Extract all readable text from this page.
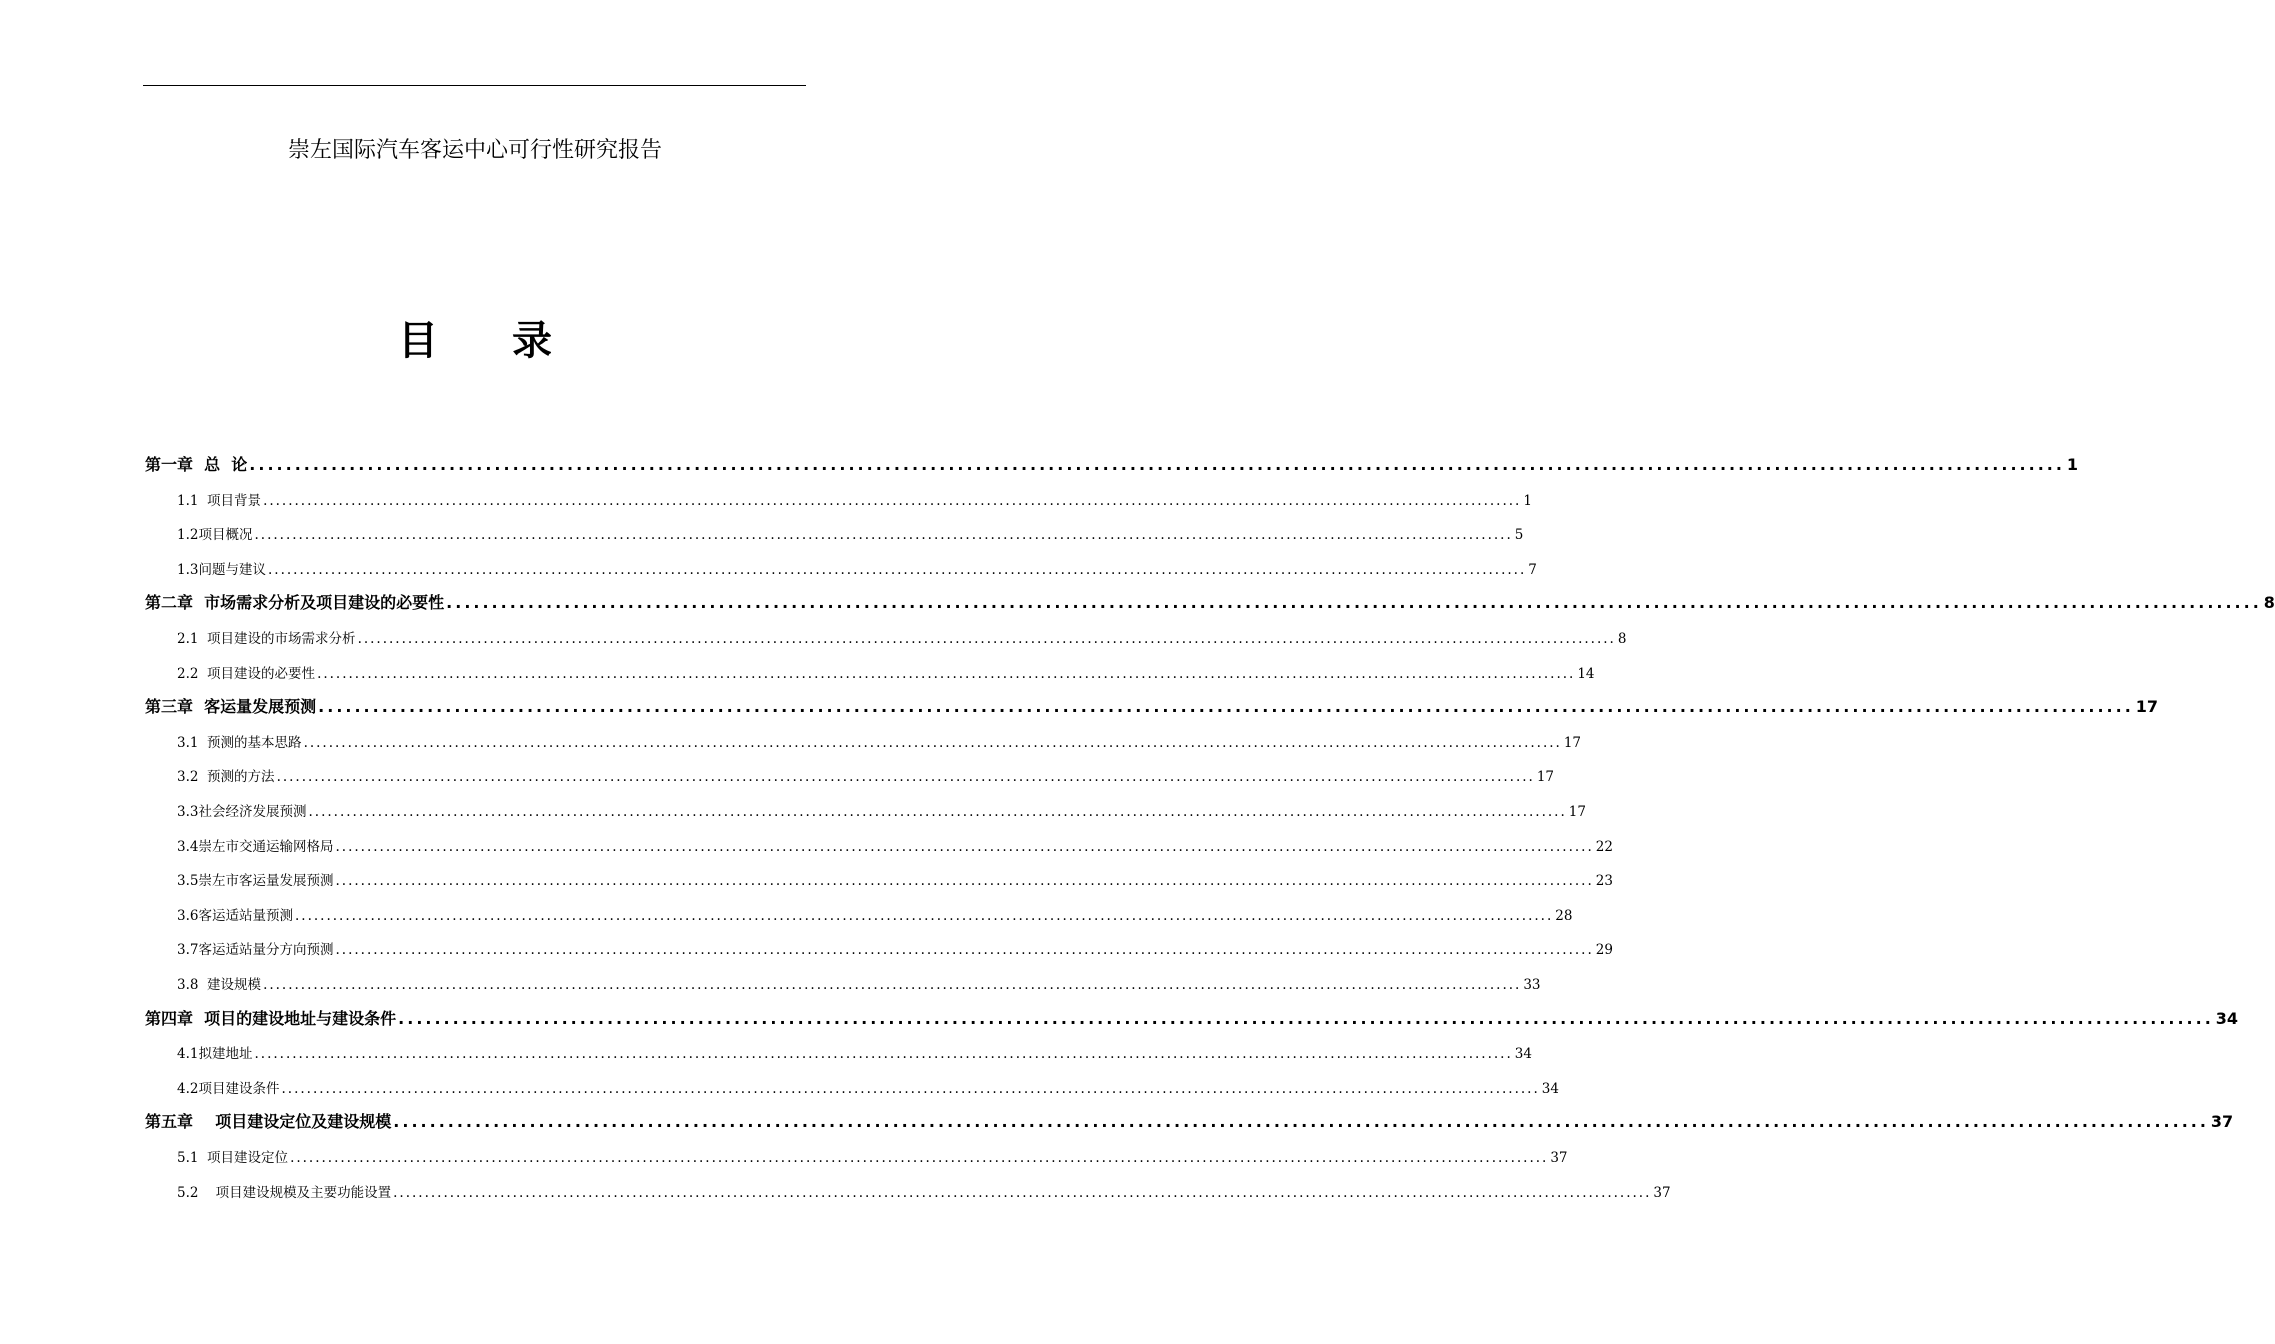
崇左国际汽车客运中心可行性研究报告
目 录
第一章  总  论 ........................................................................................................................................................................................................ 1
1.1  项目背景 ........................................................................................................................................................................................................ 1
1.2项目概况 ........................................................................................................................................................................................................ 5
1.3问题与建议 ........................................................................................................................................................................................................ 7
第二章  市场需求分析及项目建设的必要性 ........................................................................................................................................................................................................ 8
2.1  项目建设的市场需求分析 ........................................................................................................................................................................................................ 8
2.2  项目建设的必要性 ........................................................................................................................................................................................................ 14
第三章  客运量发展预测 ........................................................................................................................................................................................................ 17
3.1  预测的基本思路 ........................................................................................................................................................................................................ 17
3.2  预测的方法 ........................................................................................................................................................................................................ 17
3.3社会经济发展预测 ........................................................................................................................................................................................................ 17
3.4崇左市交通运输网格局 ........................................................................................................................................................................................................ 22
3.5崇左市客运量发展预测 ........................................................................................................................................................................................................ 23
3.6客运适站量预测 ........................................................................................................................................................................................................ 28
3.7客运适站量分方向预测 ........................................................................................................................................................................................................ 29
3.8  建设规模 ........................................................................................................................................................................................................ 33
第四章  项目的建设地址与建设条件 ........................................................................................................................................................................................................ 34
4.1拟建地址 ........................................................................................................................................................................................................ 34
4.2项目建设条件 ........................................................................................................................................................................................................ 34
第五章    项目建设定位及建设规模 ........................................................................................................................................................................................................ 37
5.1  项目建设定位 ........................................................................................................................................................................................................ 37
5.2    项目建设规模及主要功能设置 ........................................................................................................................................................................................................ 37
